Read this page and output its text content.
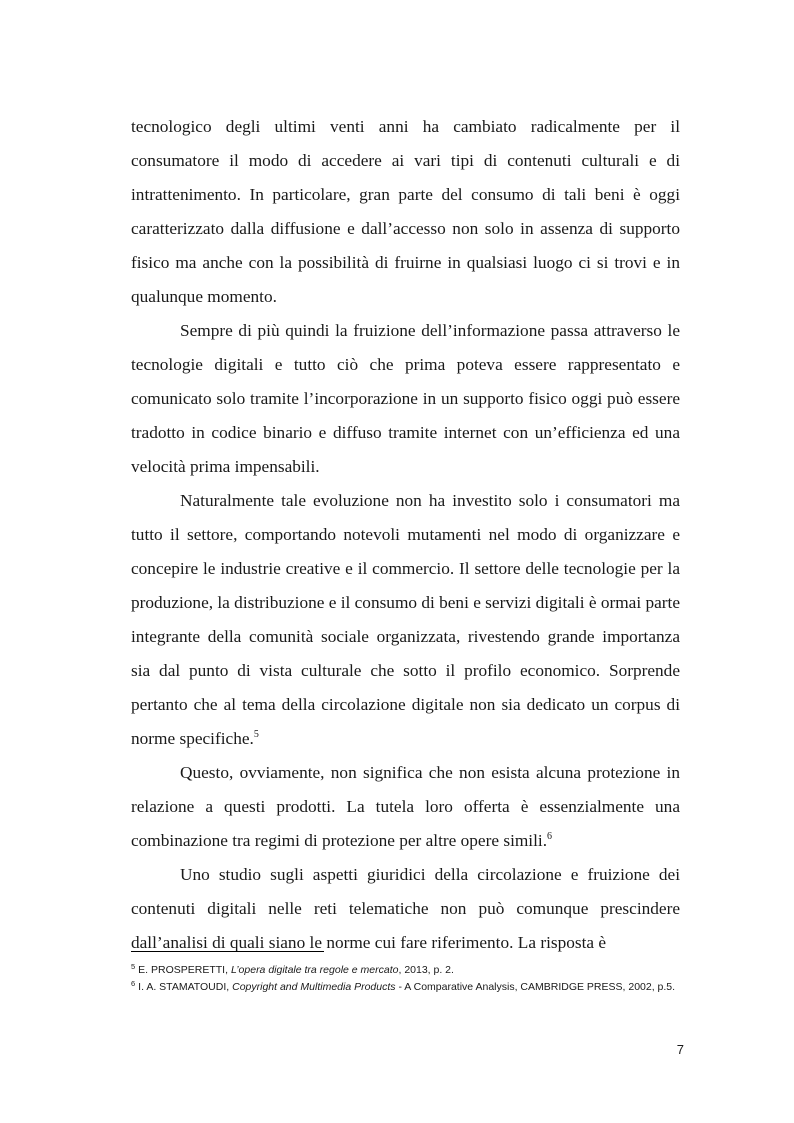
tecnologico degli ultimi venti anni ha cambiato radicalmente per il consumatore il modo di accedere ai vari tipi di contenuti culturali e di intrattenimento. In particolare, gran parte del consumo di tali beni è oggi caratterizzato dalla diffusione e dall’accesso non solo in assenza di supporto fisico ma anche con la possibilità di fruirne in qualsiasi luogo ci si trovi e in qualunque momento.

Sempre di più quindi la fruizione dell’informazione passa attraverso le tecnologie digitali e tutto ciò che prima poteva essere rappresentato e comunicato solo tramite l’incorporazione in un supporto fisico oggi può essere tradotto in codice binario e diffuso tramite internet con un’efficienza ed una velocità prima impensabili.

Naturalmente tale evoluzione non ha investito solo i consumatori ma tutto il settore, comportando notevoli mutamenti nel modo di organizzare e concepire le industrie creative e il commercio. Il settore delle tecnologie per la produzione, la distribuzione e il consumo di beni e servizi digitali è ormai parte integrante della comunità sociale organizzata, rivestendo grande importanza sia dal punto di vista culturale che sotto il profilo economico. Sorprende pertanto che al tema della circolazione digitale non sia dedicato un corpus di norme specifiche.$^5$

Questo, ovviamente, non significa che non esista alcuna protezione in relazione a questi prodotti. La tutela loro offerta è essenzialmente una combinazione tra regimi di protezione per altre opere simili.$^6$

Uno studio sugli aspetti giuridici della circolazione e fruizione dei contenuti digitali nelle reti telematiche non può comunque prescindere dall’analisi di quali siano le norme cui fare riferimento. La risposta è

$^5$ E. PROSPERETTI, L’opera digitale tra regole e mercato, 2013, p. 2.

$^6$ I. A. STAMATOUDI, Copyright and Multimedia Products - A Comparative Analysis, CAMBRIDGE PRESS, 2002, p.5.

7
